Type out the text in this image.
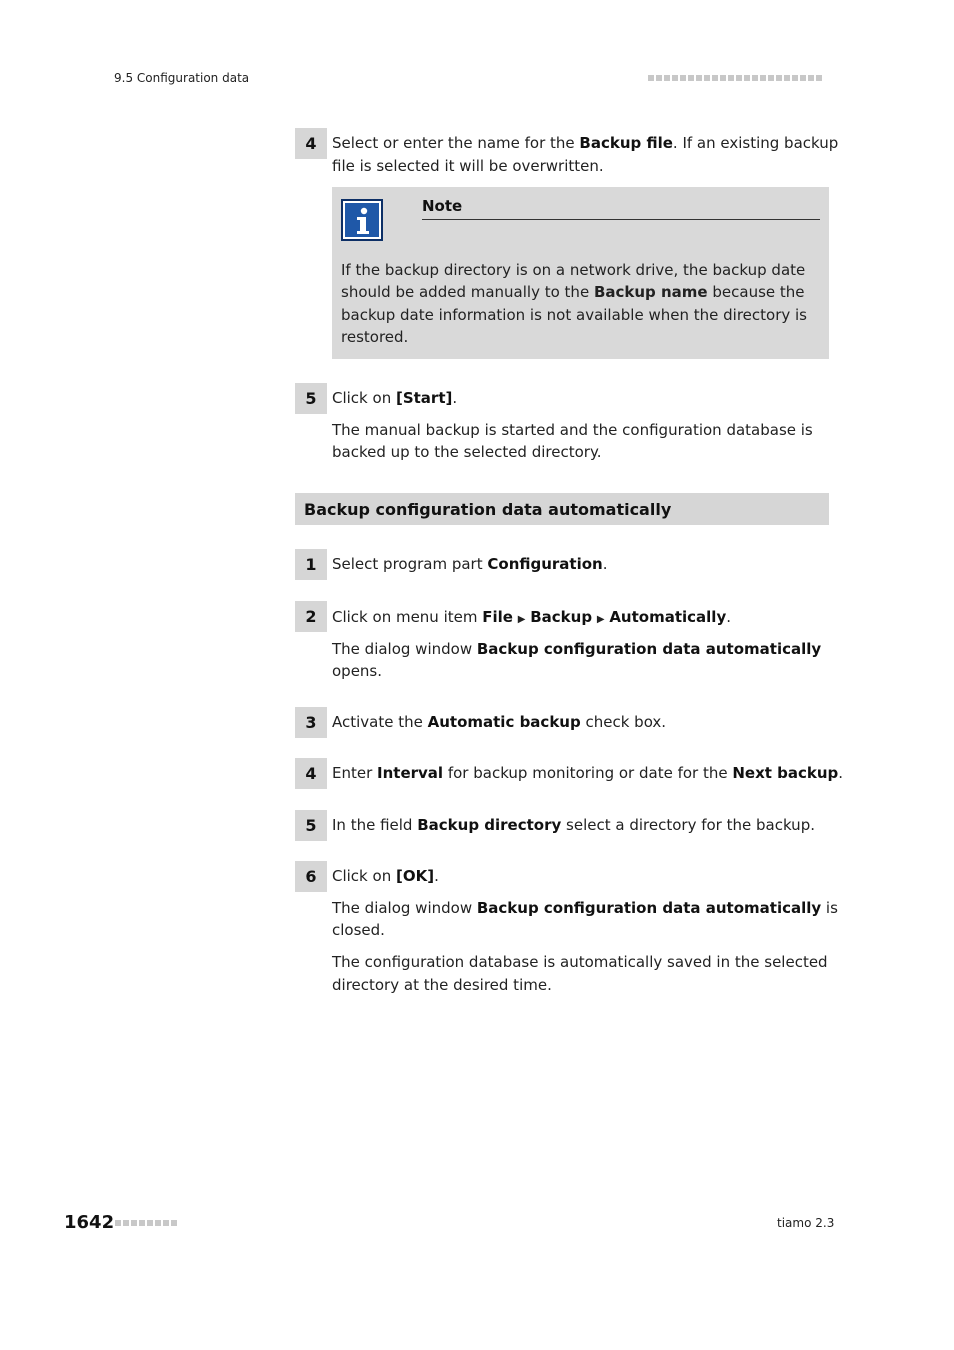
9.5 Configuration data
4	Select or enter the name for the Backup file. If an existing backup
file is selected it will be overwritten.
Note
If the backup directory is on a network drive, the backup date
should be added manually to the Backup name because the
backup date information is not available when the directory is
restored.
5	Click on [Start].
The manual backup is started and the configuration database is
backed up to the selected directory.
Backup configuration data automatically
1	Select program part Configuration.
2	Click on menu item File ▶ Backup ▶ Automatically.
The dialog window Backup configuration data automatically
opens.
3	Activate the Automatic backup check box.
4	Enter Interval for backup monitoring or date for the Next backup.
5	In the field Backup directory select a directory for the backup.
6	Click on [OK].
The dialog window Backup configuration data automatically is
closed.
The configuration database is automatically saved in the selected
directory at the desired time.
1642	tiamo 2.3
